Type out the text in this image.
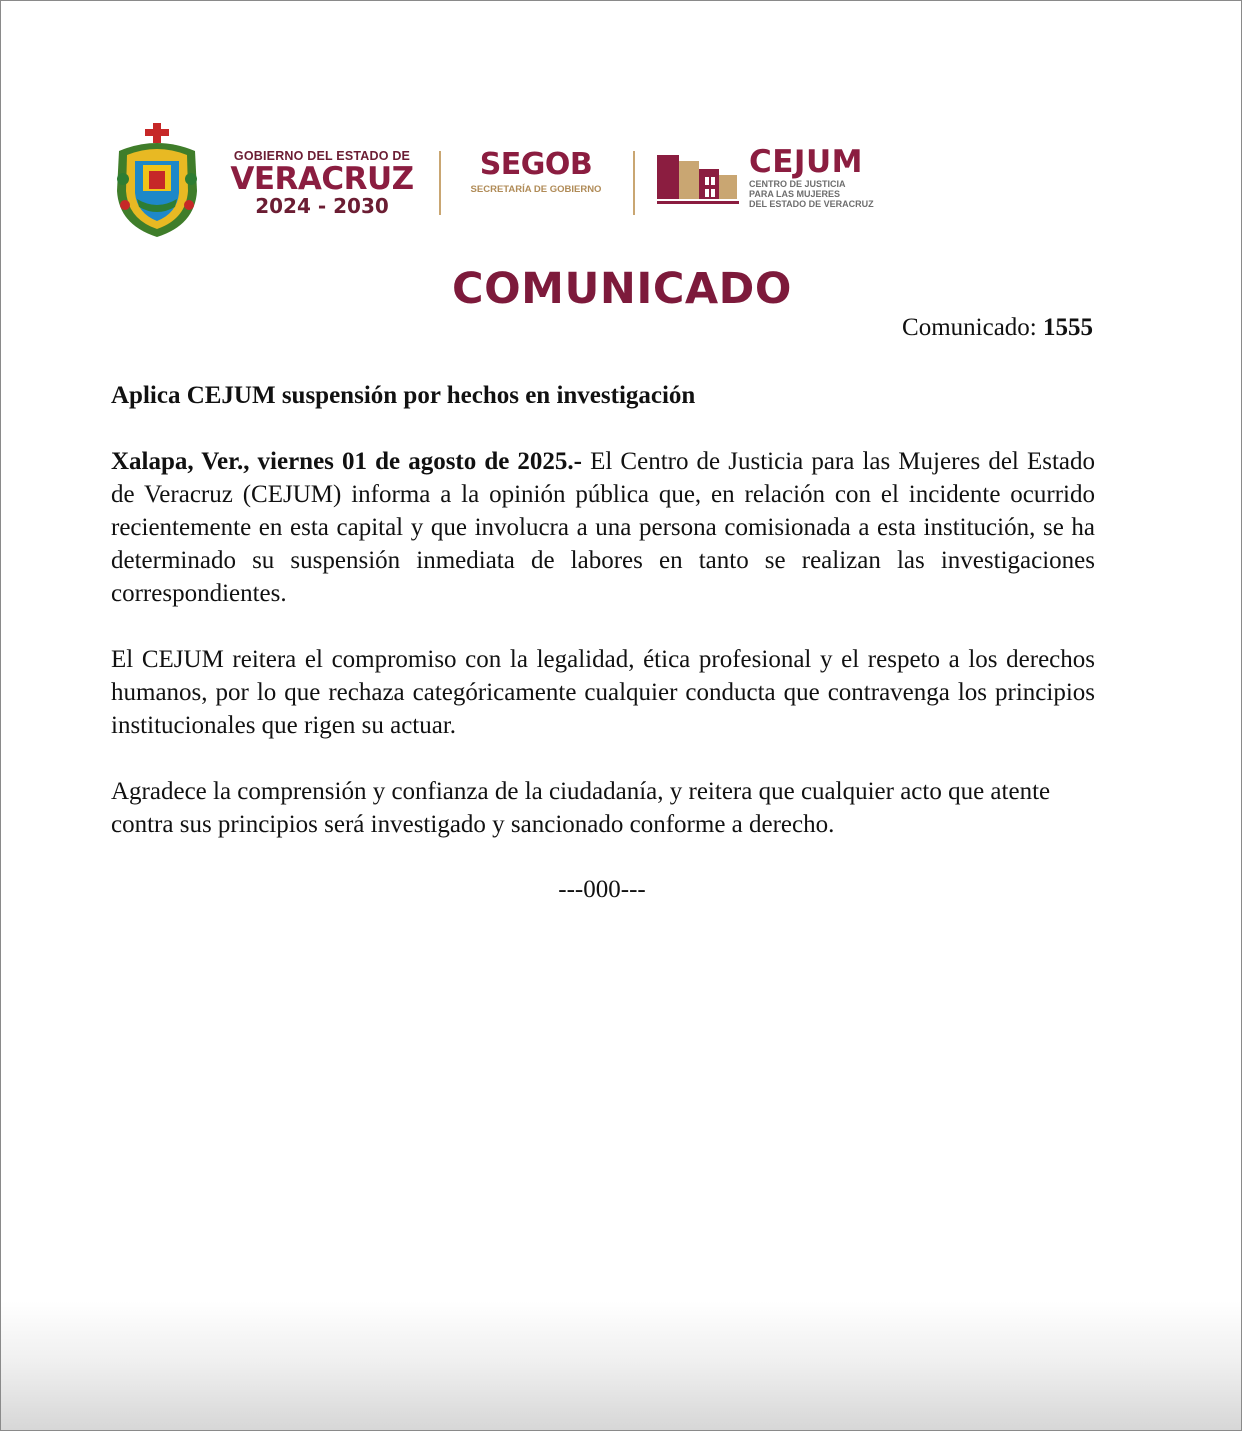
GOBIERNO DEL ESTADO DE
VERACRUZ
2024 - 2030
SEGOB
SECRETARÍA DE GOBIERNO
CEJUM
CENTRO DE JUSTICIA
PARA LAS MUJERES
DEL ESTADO DE VERACRUZ
COMUNICADO
Comunicado: 1555
Aplica CEJUM suspensión por hechos en investigación

Xalapa, Ver., viernes 01 de agosto de 2025.- El Centro de Justicia para las Mujeres del Estado de Veracruz (CEJUM) informa a la opinión pública que, en relación con el incidente ocurrido recientemente en esta capital y que involucra a una persona comisionada a esta institución, se ha determinado su suspensión inmediata de labores en tanto se realizan las investigaciones correspondientes.

El CEJUM reitera el compromiso con la legalidad, ética profesional y el respeto a los derechos humanos, por lo que rechaza categóricamente cualquier conducta que contravenga los principios institucionales que rigen su actuar.

Agradece la comprensión y confianza de la ciudadanía, y reitera que cualquier acto que atente contra sus principios será investigado y sancionado conforme a derecho.

---000---
